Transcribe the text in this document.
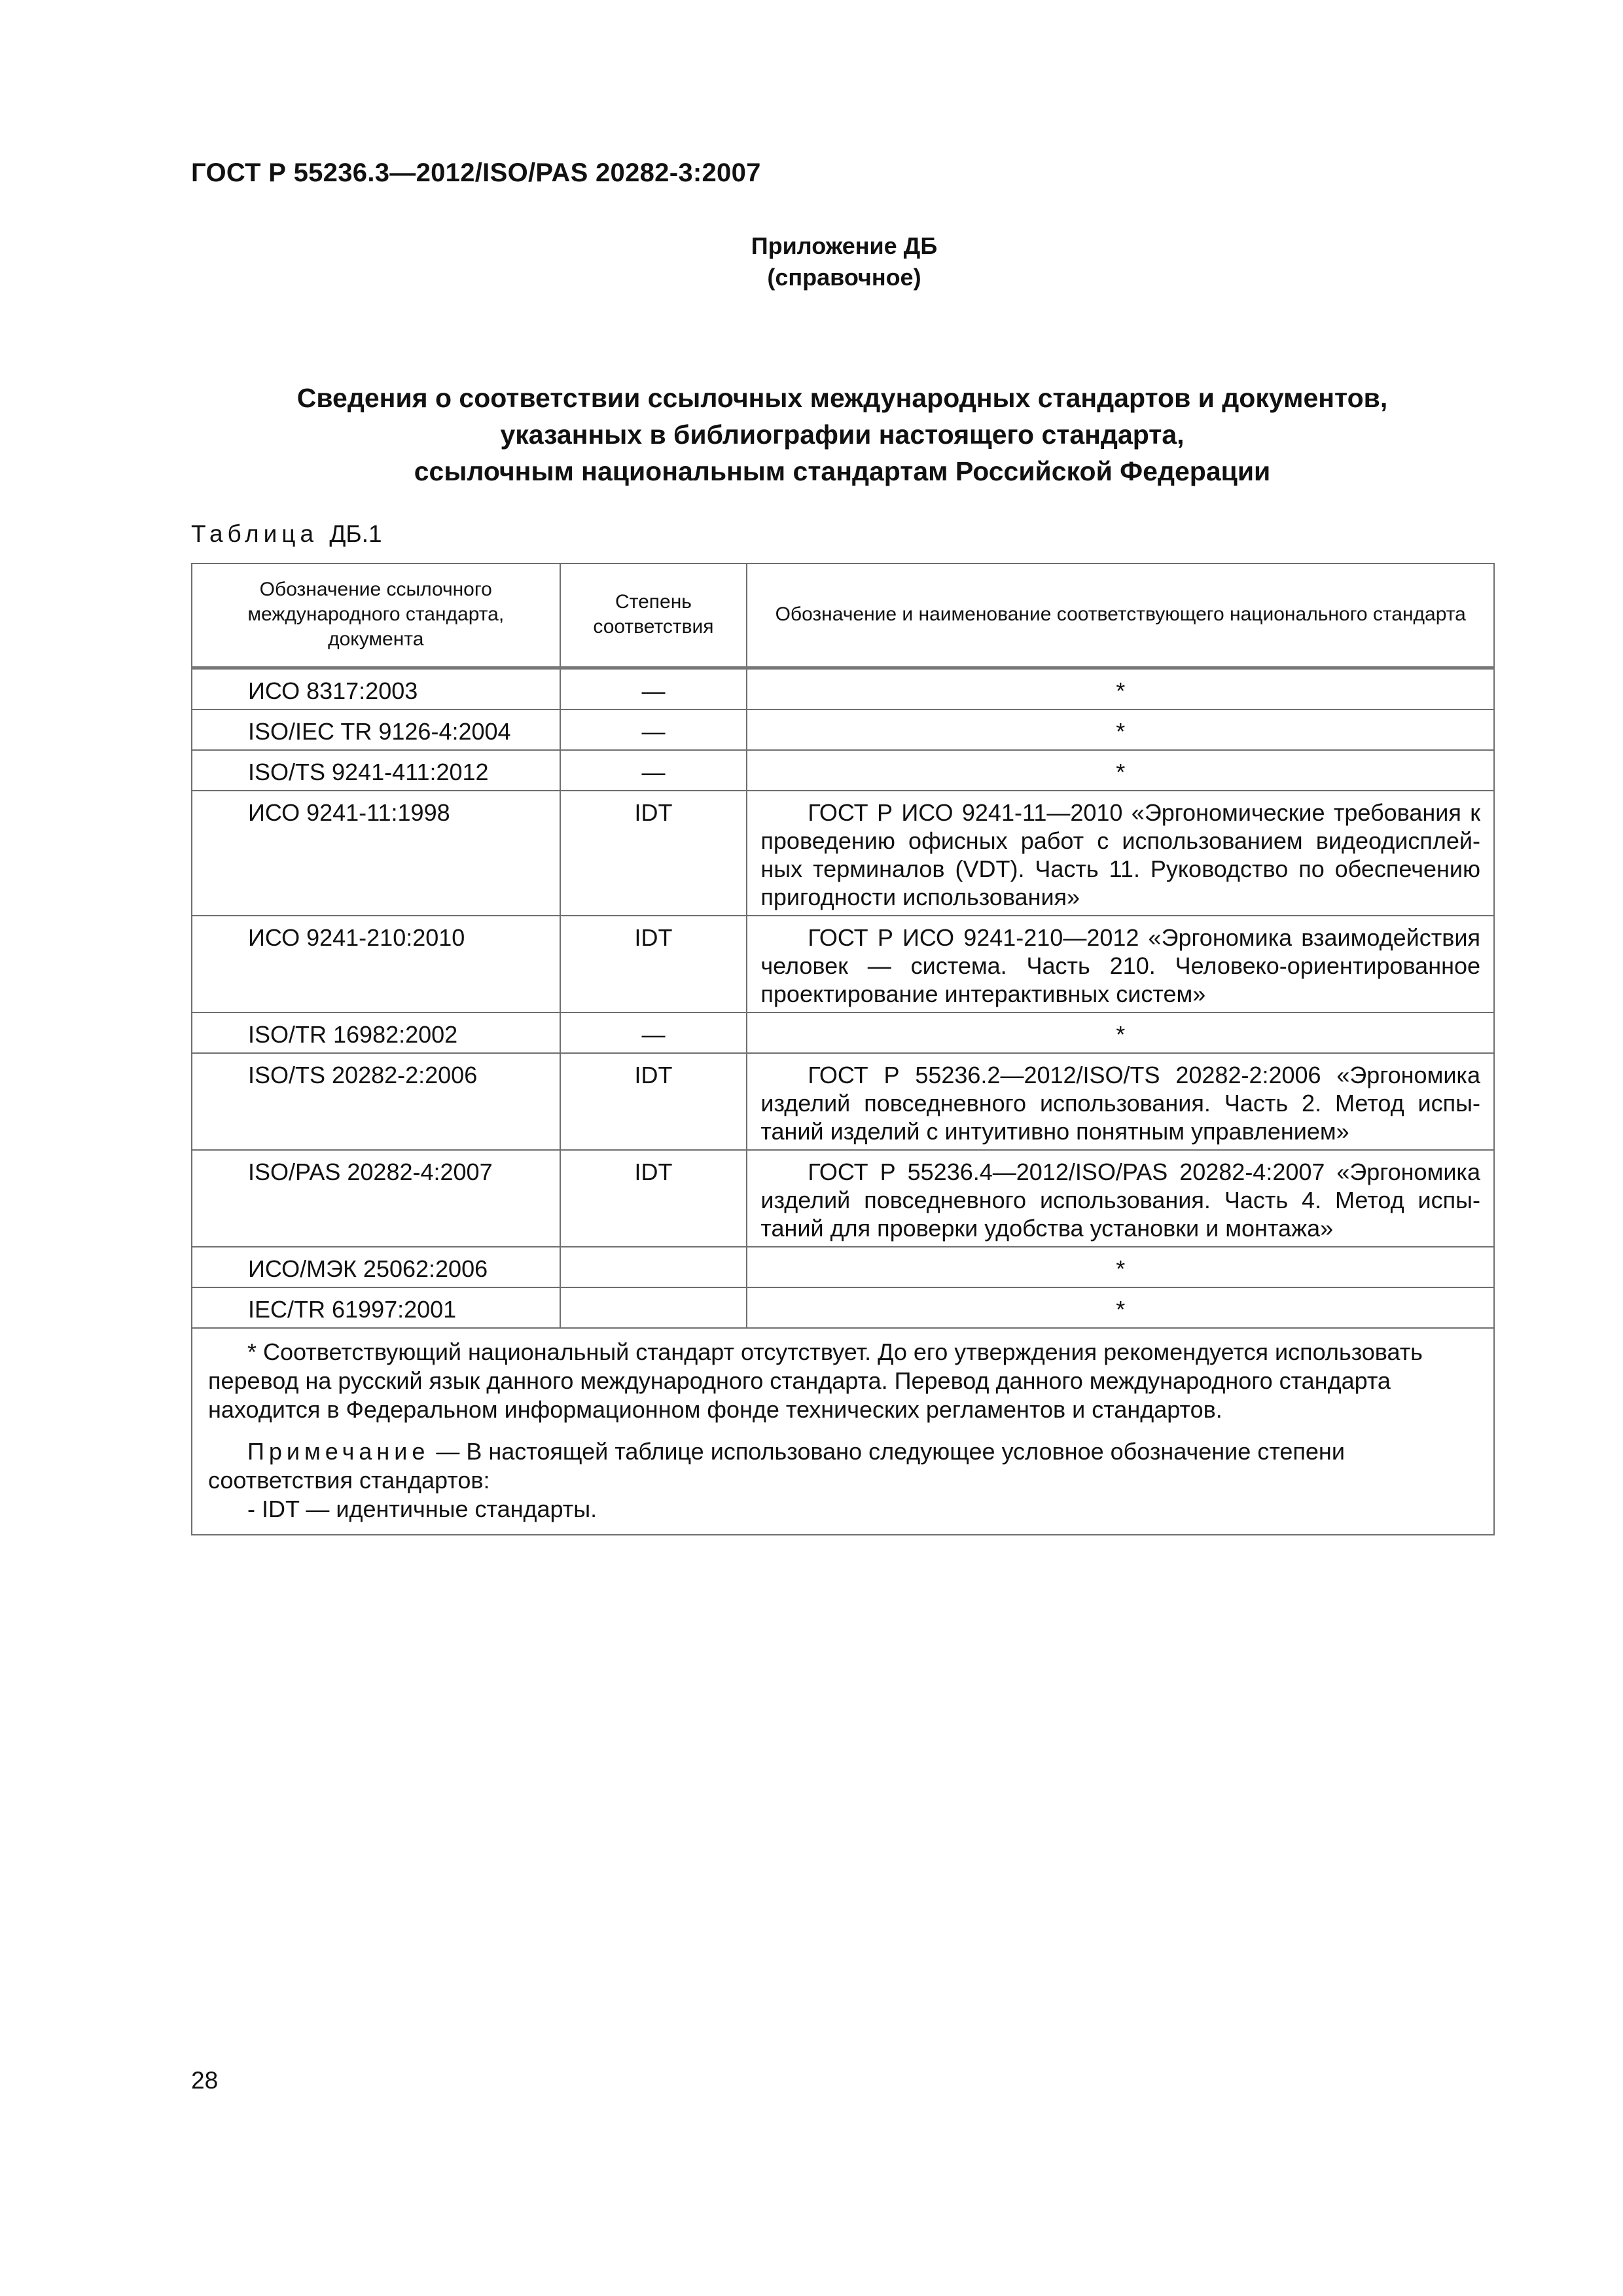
ГОСТ Р 55236.3—2012/ISO/PAS 20282-3:2007
Приложение ДБ
(справочное)
Сведения о соответствии ссылочных международных стандартов и документов,
указанных в библиографии настоящего стандарта,
ссылочным национальным стандартам Российской Федерации
Таблица ДБ.1
Обозначение ссылочного международного стандарта, документа	Степень соответствия	Обозначение и наименование соответствующего национального стандарта
ИСО 8317:2003	—	*
ISO/IEC TR 9126-4:2004	—	*
ISO/TS 9241-411:2012	—	*
ИСО 9241-11:1998	IDT	ГОСТ Р ИСО 9241-11—2010 «Эргономические требования к
проведению офисных работ с использованием видеодисплей-
ных терминалов (VDT). Часть 11. Руководство по обеспечению
пригодности использования»

ИСО 9241-210:2010	IDT	ГОСТ Р ИСО 9241-210—2012 «Эргономика взаимодействия
человек — система. Часть 210. Человеко-ориентированное
проектирование интерактивных систем»

ISO/TR 16982:2002	—	*
ISO/TS 20282-2:2006	IDT	ГОСТ Р 55236.2—2012/ISO/TS 20282-2:2006 «Эргономика
изделий повседневного использования. Часть 2. Метод испы-
таний изделий с интуитивно понятным управлением»

ISO/PAS 20282-4:2007	IDT	ГОСТ Р 55236.4—2012/ISO/PAS 20282-4:2007 «Эргономика
изделий повседневного использования. Часть 4. Метод испы-
таний для проверки удобства установки и монтажа»

ИСО/МЭК 25062:2006		*
IEC/TR 61997:2001		*

* Соответствующий национальный стандарт отсутствует. До его утверждения рекомендуется использовать перевод на русский язык данного международного стандарта. Перевод данного международного стандарта находится в Федеральном информационном фонде технических регламентов и стандартов.
Примечание — В настоящей таблице использовано следующее условное обозначение степени соответствия стандартов:
- IDT — идентичные стандарты.		
28
